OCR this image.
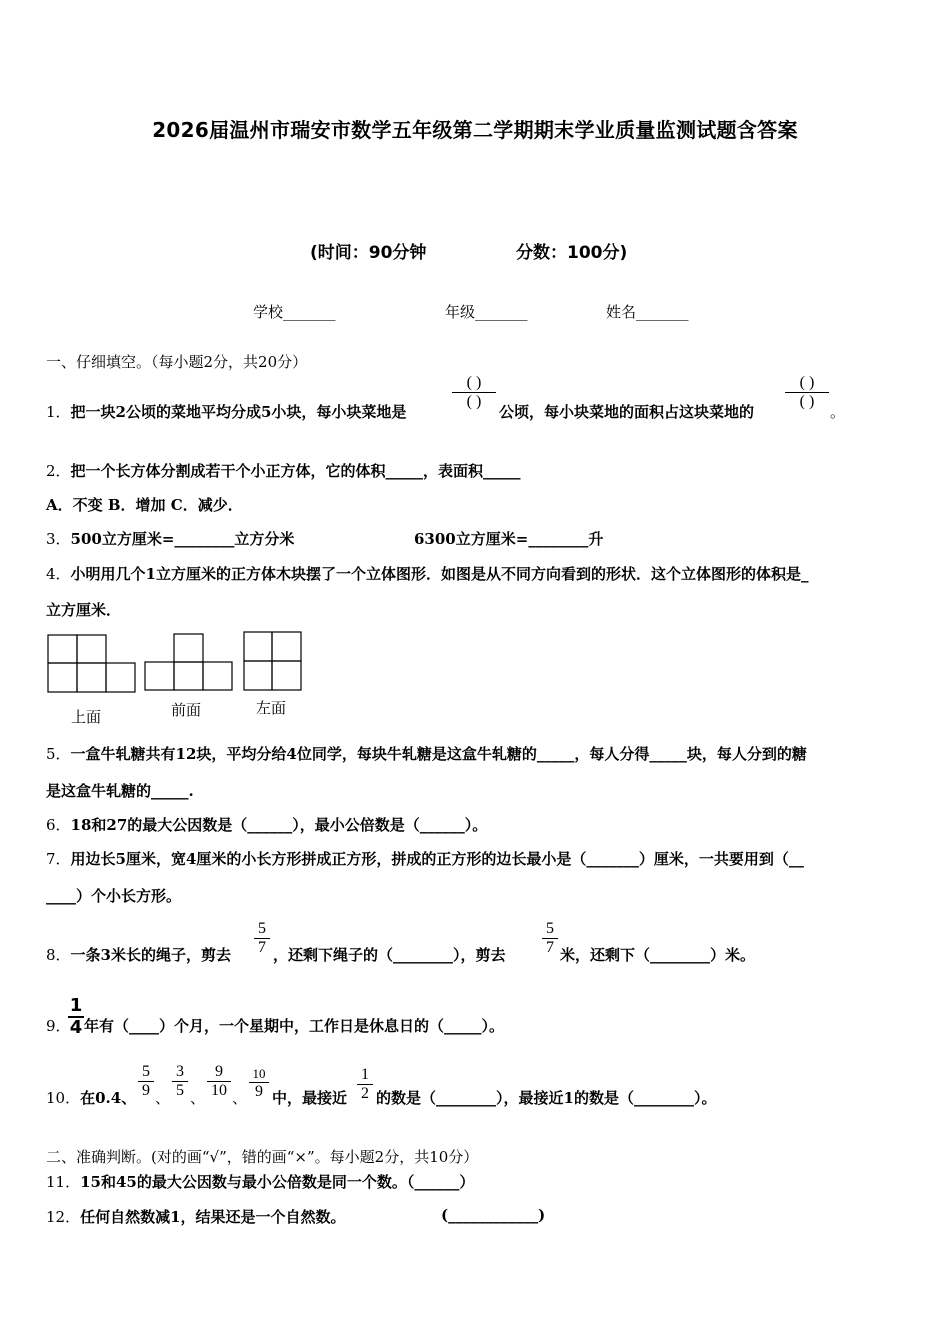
2026届温州市瑞安市数学五年级第二学期期末学业质量监测试题含答案
(时间：90分钟	分数：100分)
学校_______	年级_______	姓名_______
一、仔细填空。（每小题2分，共20分）
1．把一块2公顷的菜地平均分成5小块，每小块菜地是
( )
( )
公顷，每小块菜地的面积占这块菜地的
( )
( )
。
2．把一个长方体分割成若干个小正方体，它的体积_____，表面积_____
A．不变 B．增加 C．减少．
3．500立方厘米=________立方分米	6300立方厘米=________升
4．小明用几个1立方厘米的正方体木块摆了一个立体图形．如图是从不同方向看到的形状．这个立体图形的体积是_
立方厘米．
上面	前面	左面
5．一盒牛轧糖共有12块，平均分给4位同学，每块牛轧糖是这盒牛轧糖的_____，每人分得_____块，每人分到的糖
是这盒牛轧糖的_____.
6．18和27的最大公因数是（______），最小公倍数是（______）。
7．用边长5厘米，宽4厘米的小长方形拼成正方形，拼成的正方形的边长最小是（_______）厘米，一共要用到（__
____）个小长方形。
8．一条3米长的绳子，剪去 $\frac{5}{7}$ ，还剩下绳子的（________），剪去 $\frac{5}{7}$ 米，还剩下（________）米。
9．
$\frac{1}{4}$ 年有（____）个月，一个星期中，工作日是休息日的（_____）。
10．在0.4、 $\frac{5}{9}$ 、 $\frac{3}{5}$ 、 $\frac{9}{10}$ 、
10
9 中，最接近 $\frac{1}{2}$ 的数是（________），最接近1的数是（________）。
二、准确判断。(对的画“√”，错的画“×”。每小题2分，共10分）
11．15和45的最大公因数与最小公倍数是同一个数。（______）
12．任何自然数减1，结果还是一个自然数。	(____________)
